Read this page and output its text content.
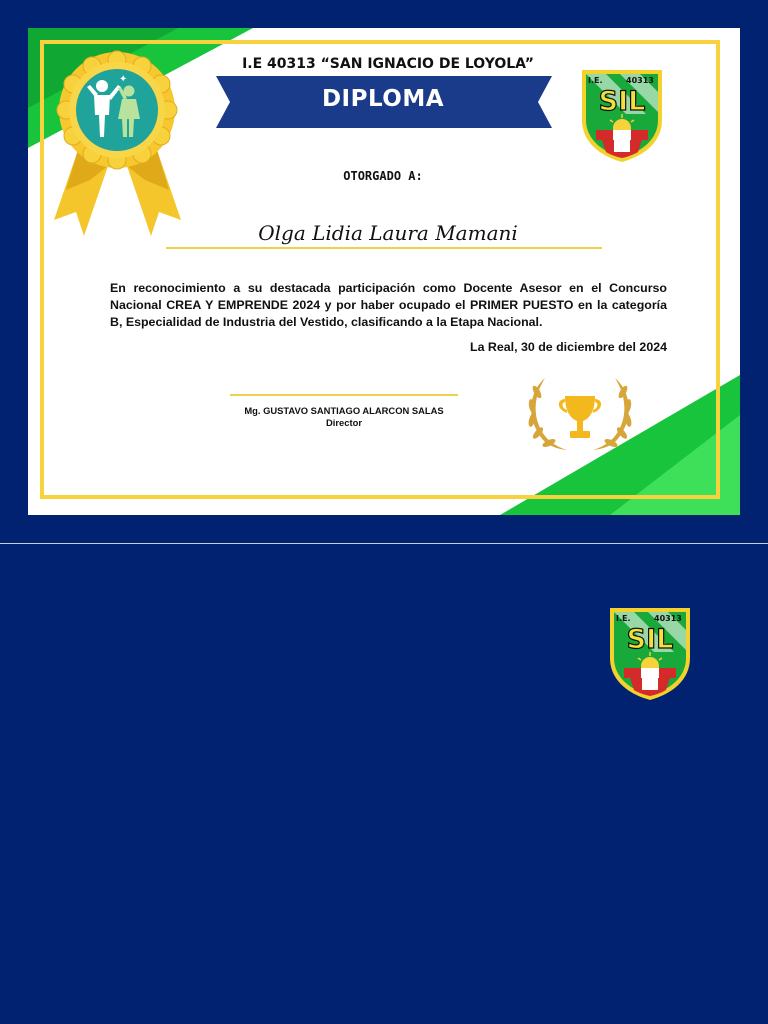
✦
I.E 40313 “SAN IGNACIO DE LOYOLA”
DIPLOMA
I.E.	40313
SIL
OTORGADO A:
Olga Lidia Laura Mamani
En reconocimiento a su destacada participación como Docente Asesor en el Concurso Nacional CREA Y EMPRENDE 2024 y por haber ocupado el PRIMER PUESTO en la categoría B, Especialidad de Industria del Vestido, clasificando a la Etapa Nacional.
La Real, 30 de diciembre del 2024
Mg. GUSTAVO SANTIAGO ALARCON SALAS
Director
I.E.	40313
SIL
